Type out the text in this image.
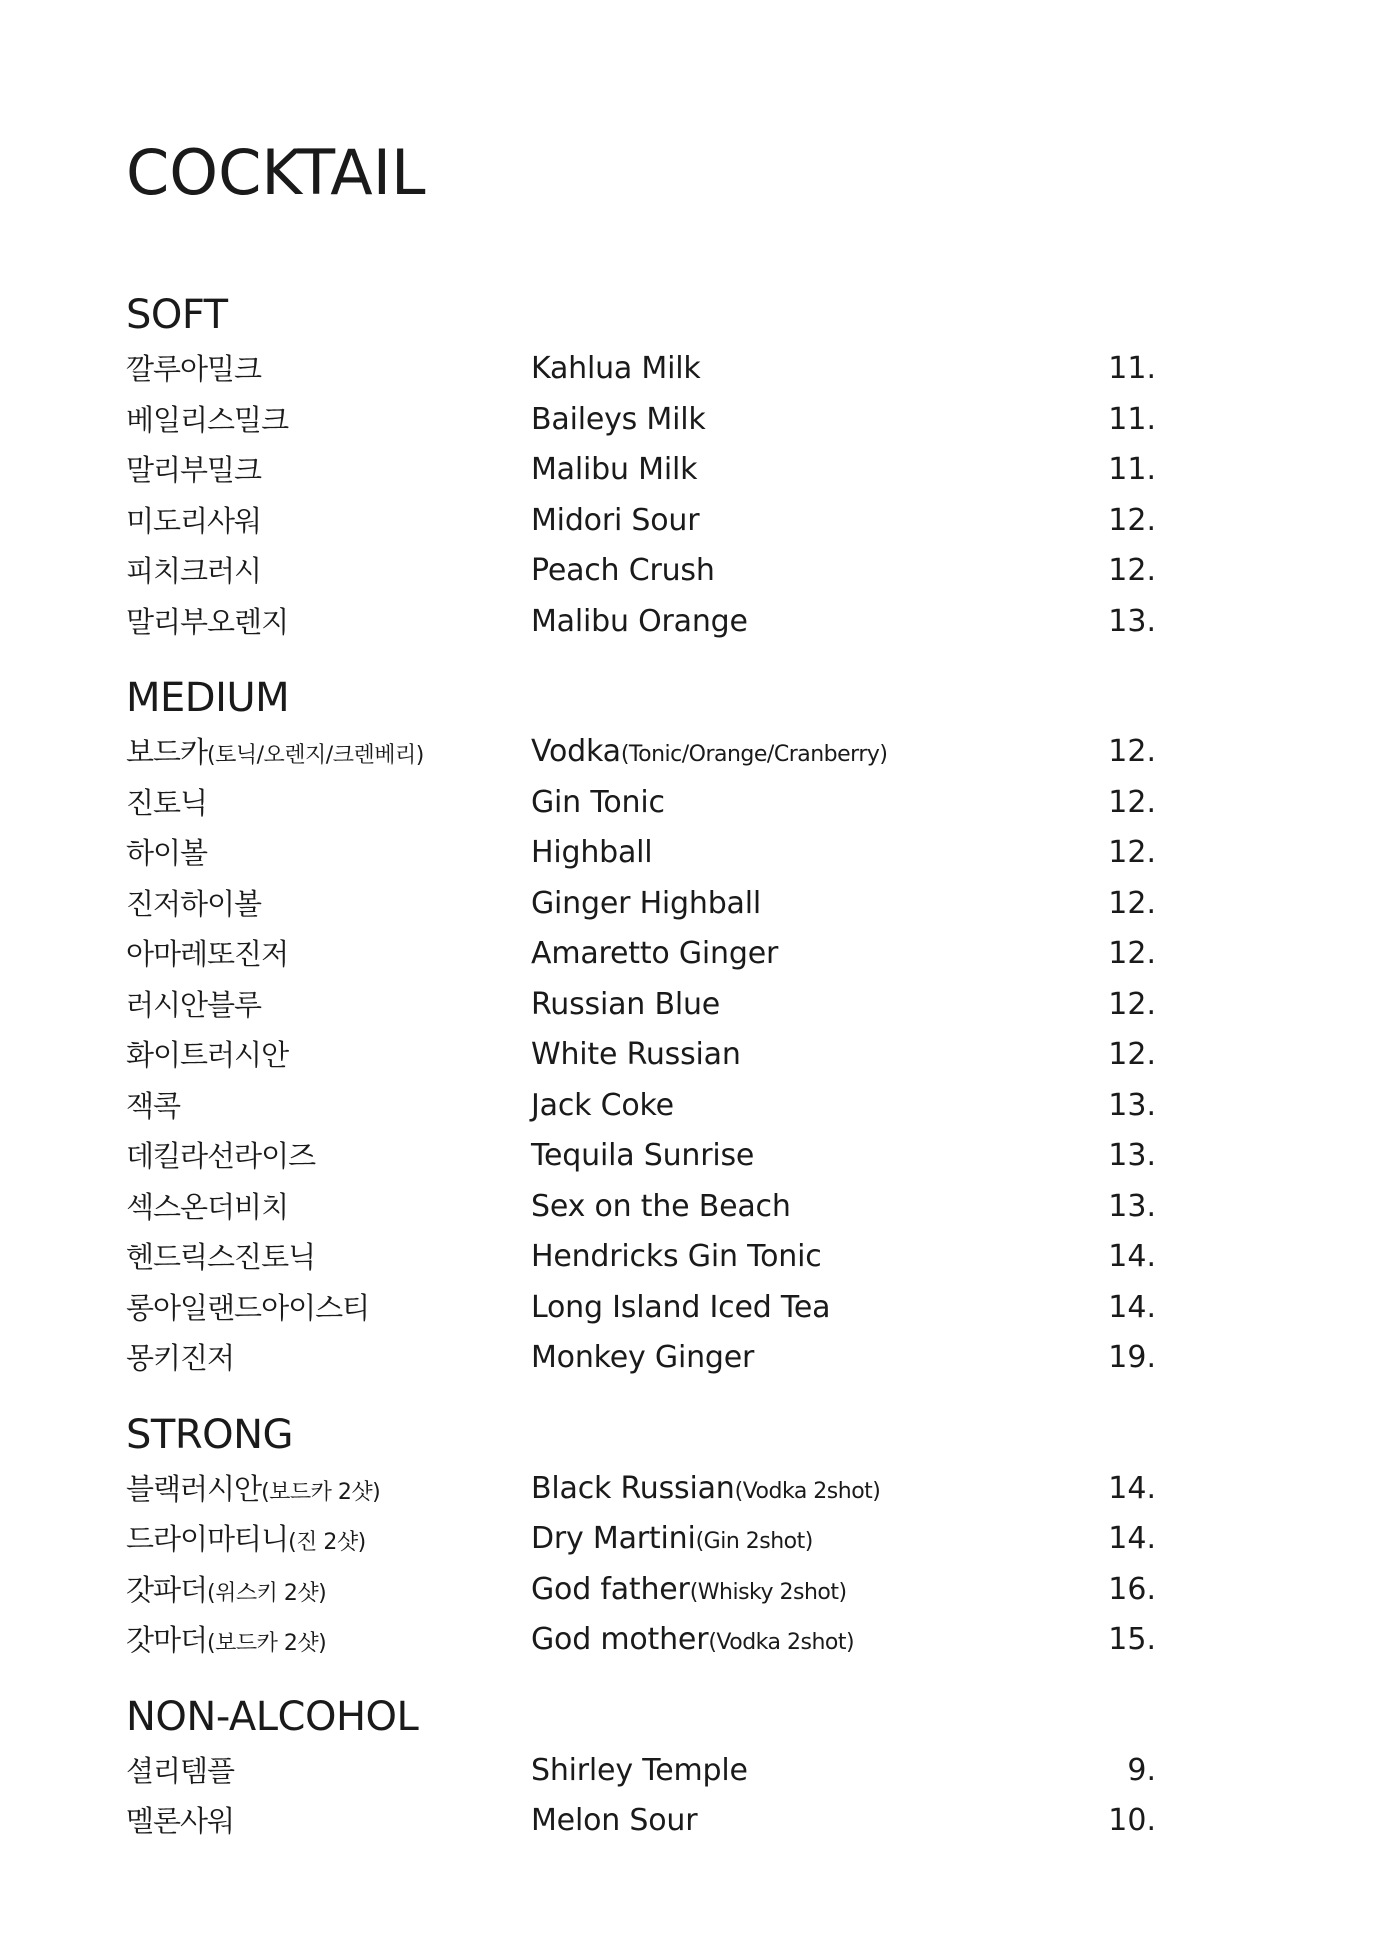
COCKTAIL
SOFT
깔루아밀크	Kahlua Milk	11.
베일리스밀크	Baileys Milk	11.
말리부밀크	Malibu Milk	11.
미도리사워	Midori Sour	12.
피치크러시	Peach Crush	12.
말리부오렌지	Malibu Orange	13.
MEDIUM
보드카(토닉/오렌지/크렌베리)	Vodka(Tonic/Orange/Cranberry)	12.
진토닉	Gin Tonic	12.
하이볼	Highball	12.
진저하이볼	Ginger Highball	12.
아마레또진저	Amaretto Ginger	12.
러시안블루	Russian Blue	12.
화이트러시안	White Russian	12.
잭콕	Jack Coke	13.
데킬라선라이즈	Tequila Sunrise	13.
섹스온더비치	Sex on the Beach	13.
헨드릭스진토닉	Hendricks Gin Tonic	14.
롱아일랜드아이스티	Long Island Iced Tea	14.
몽키진저	Monkey Ginger	19.
STRONG
블랙러시안(보드카 2샷)	Black Russian(Vodka 2shot)	14.
드라이마티니(진 2샷)	Dry Martini(Gin 2shot)	14.
갓파더(위스키 2샷)	God father(Whisky 2shot)	16.
갓마더(보드카 2샷)	God mother(Vodka 2shot)	15.
NON-ALCOHOL
셜리템플	Shirley Temple	9.
멜론사워	Melon Sour	10.
